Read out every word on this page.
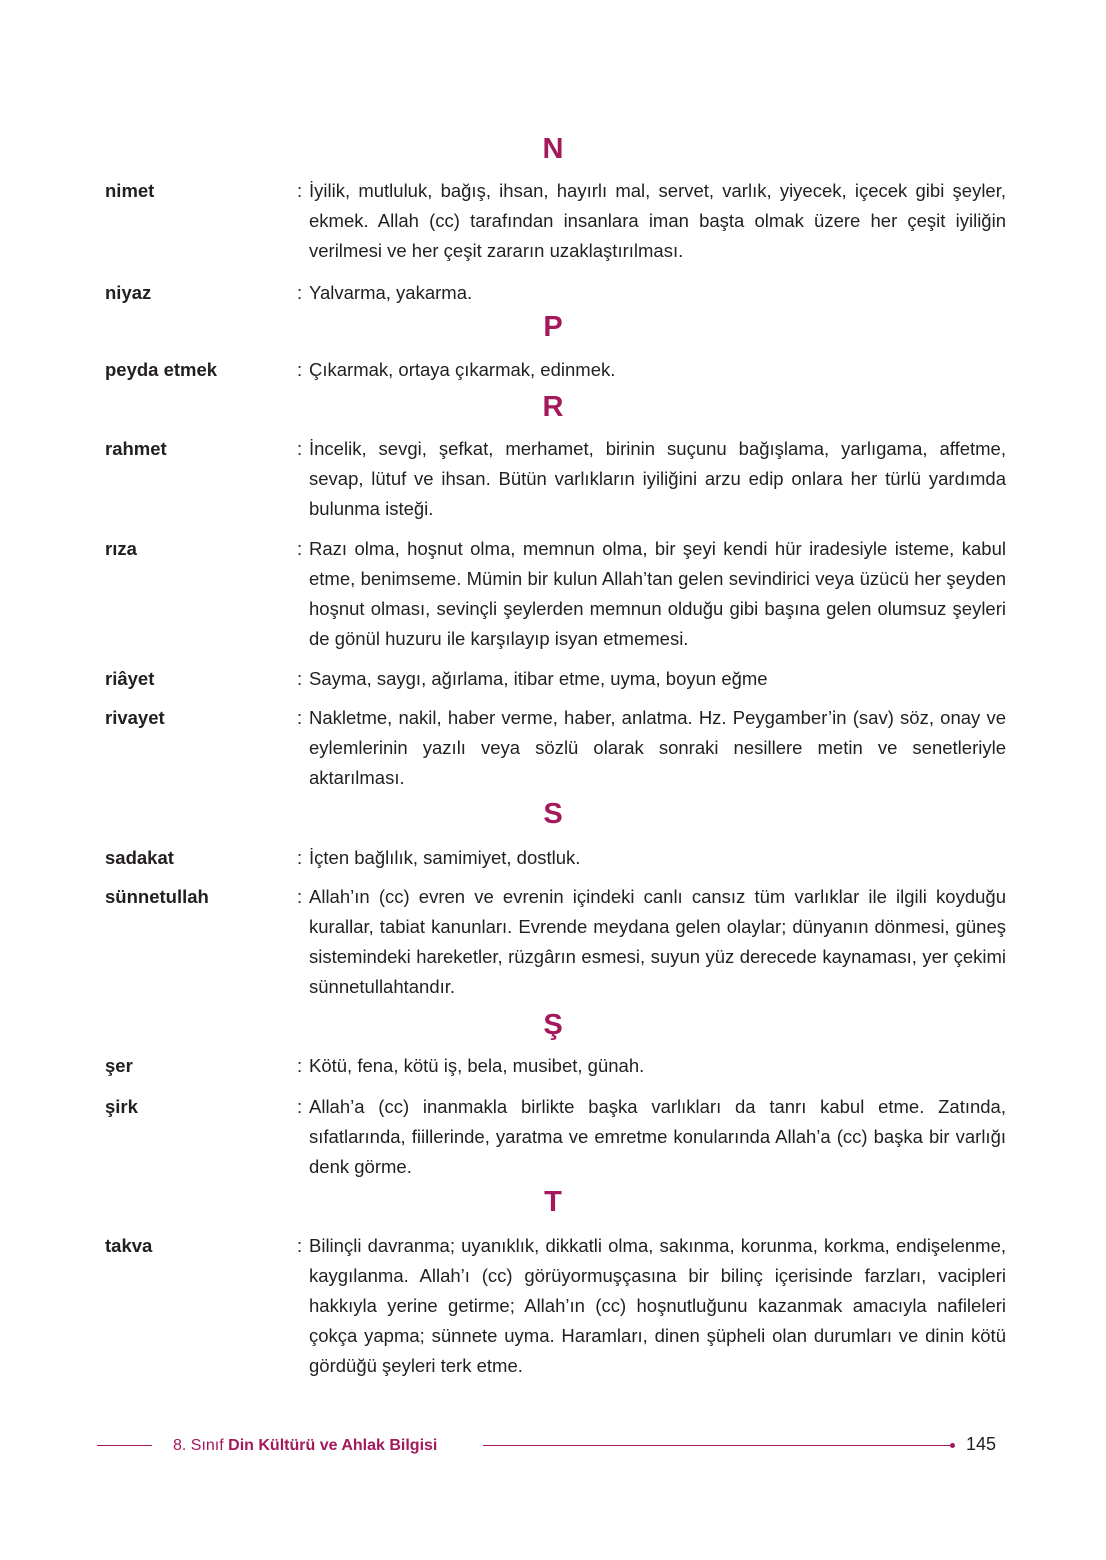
N
nimet	: İyilik, mutluluk, bağış, ihsan, hayırlı mal, servet, varlık, yiyecek, içecek gibi şeyler, ekmek. Allah (cc) tarafından insanlara iman başta olmak üzere her çeşit iyiliğin verilmesi ve her çeşit zararın uzaklaştırılması.
niyaz	: Yalvarma, yakarma.
P
peyda etmek	: Çıkarmak, ortaya çıkarmak, edinmek.
R
rahmet	: İncelik, sevgi, şefkat, merhamet, birinin suçunu bağışlama, yarlıgama, affetme, sevap, lütuf ve ihsan. Bütün varlıkların iyiliğini arzu edip onlara her türlü yardımda bulunma isteği.
rıza	: Razı olma, hoşnut olma, memnun olma, bir şeyi kendi hür iradesiyle isteme, kabul etme, benimseme. Mümin bir kulun Allah’tan gelen sevindirici veya üzücü her şeyden hoşnut olması, sevinçli şeylerden memnun olduğu gibi başına gelen olumsuz şeyleri de gönül huzuru ile karşılayıp isyan etmemesi.
riâyet	: Sayma, saygı, ağırlama, itibar etme, uyma, boyun eğme
rivayet	: Nakletme, nakil, haber verme, haber, anlatma. Hz. Peygamber’in (sav) söz, onay ve eylemlerinin yazılı veya sözlü olarak sonraki nesillere metin ve senetleriyle aktarılması.
S
sadakat	: İçten bağlılık, samimiyet, dostluk.
sünnetullah	: Allah’ın (cc) evren ve evrenin içindeki canlı cansız tüm varlıklar ile ilgili koyduğu kurallar, tabiat kanunları. Evrende meydana gelen olaylar; dünyanın dönmesi, güneş sistemindeki hareketler, rüzgârın esmesi, suyun yüz derecede kaynaması, yer çekimi sünnetullahtandır.
Ş
şer	: Kötü, fena, kötü iş, bela, musibet, günah.
şirk	: Allah’a (cc) inanmakla birlikte başka varlıkları da tanrı kabul etme. Zatında, sıfatlarında, fiillerinde, yaratma ve emretme konularında Allah’a (cc) başka bir varlığı denk görme.
T
takva	: Bilinçli davranma; uyanıklık, dikkatli olma, sakınma, korunma, korkma, endişelenme, kaygılanma. Allah’ı (cc) görüyormuşçasına bir bilinç içerisinde farzları, vacipleri hakkıyla yerine getirme; Allah’ın (cc) hoşnutluğunu kazanmak amacıyla nafileleri çokça yapma; sünnete uyma. Haramları, dinen şüpheli olan durumları ve dinin kötü gördüğü şeyleri terk etme.
8. Sınıf Din Kültürü ve Ahlak Bilgisi	145
